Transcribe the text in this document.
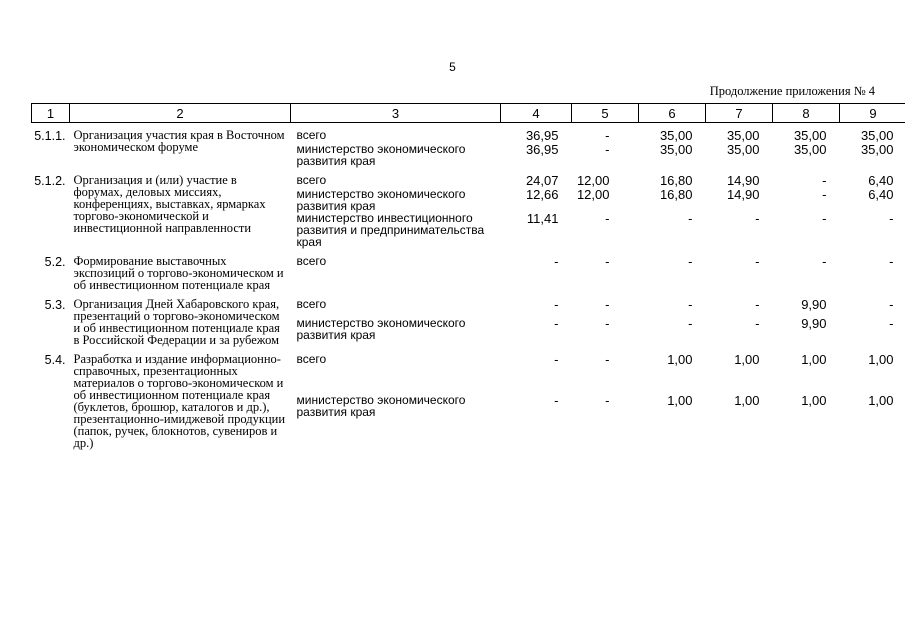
5
Продолжение приложения № 4
1	2	3	4	5	6	7	8	9
5.1.1.	Организация участия края в Восточном экономическом форуме	всего	36,95	-	35,00	35,00	35,00	35,00
		министерство экономического развития края	36,95	-	35,00	35,00	35,00	35,00
5.1.2.	Организация и (или) участие в форумах, деловых миссиях, конференциях, выставках, ярмарках торгово-экономической и инвестиционной направленности	всего	24,07	12,00	16,80	14,90	-	6,40
		министерство экономического развития края	12,66	12,00	16,80	14,90	-	6,40
		министерство инвестиционного развития и предпринимательства края	11,41	-	-	-	-	-
5.2.	Формирование выставочных экспозиций о торгово-экономическом и об инвестиционном потенциале края	всего	-	-	-	-	-	-
5.3.	Организация Дней Хабаровского края, презентаций о торгово-экономическом и об инвестиционном потенциале края в Российской Федерации и за рубежом	всего	-	-	-	-	9,90	-
		министерство экономического развития края	-	-	-	-	9,90	-
5.4.	Разработка и издание информационно-справочных, презентационных материалов о торгово-экономическом и об инвестиционном потенциале края (буклетов, брошюр, каталогов и др.), презентационно-имиджевой продукции (папок, ручек, блокнотов, сувениров и др.)	всего	-	-	1,00	1,00	1,00	1,00
		министерство экономического развития края	-	-	1,00	1,00	1,00	1,00
